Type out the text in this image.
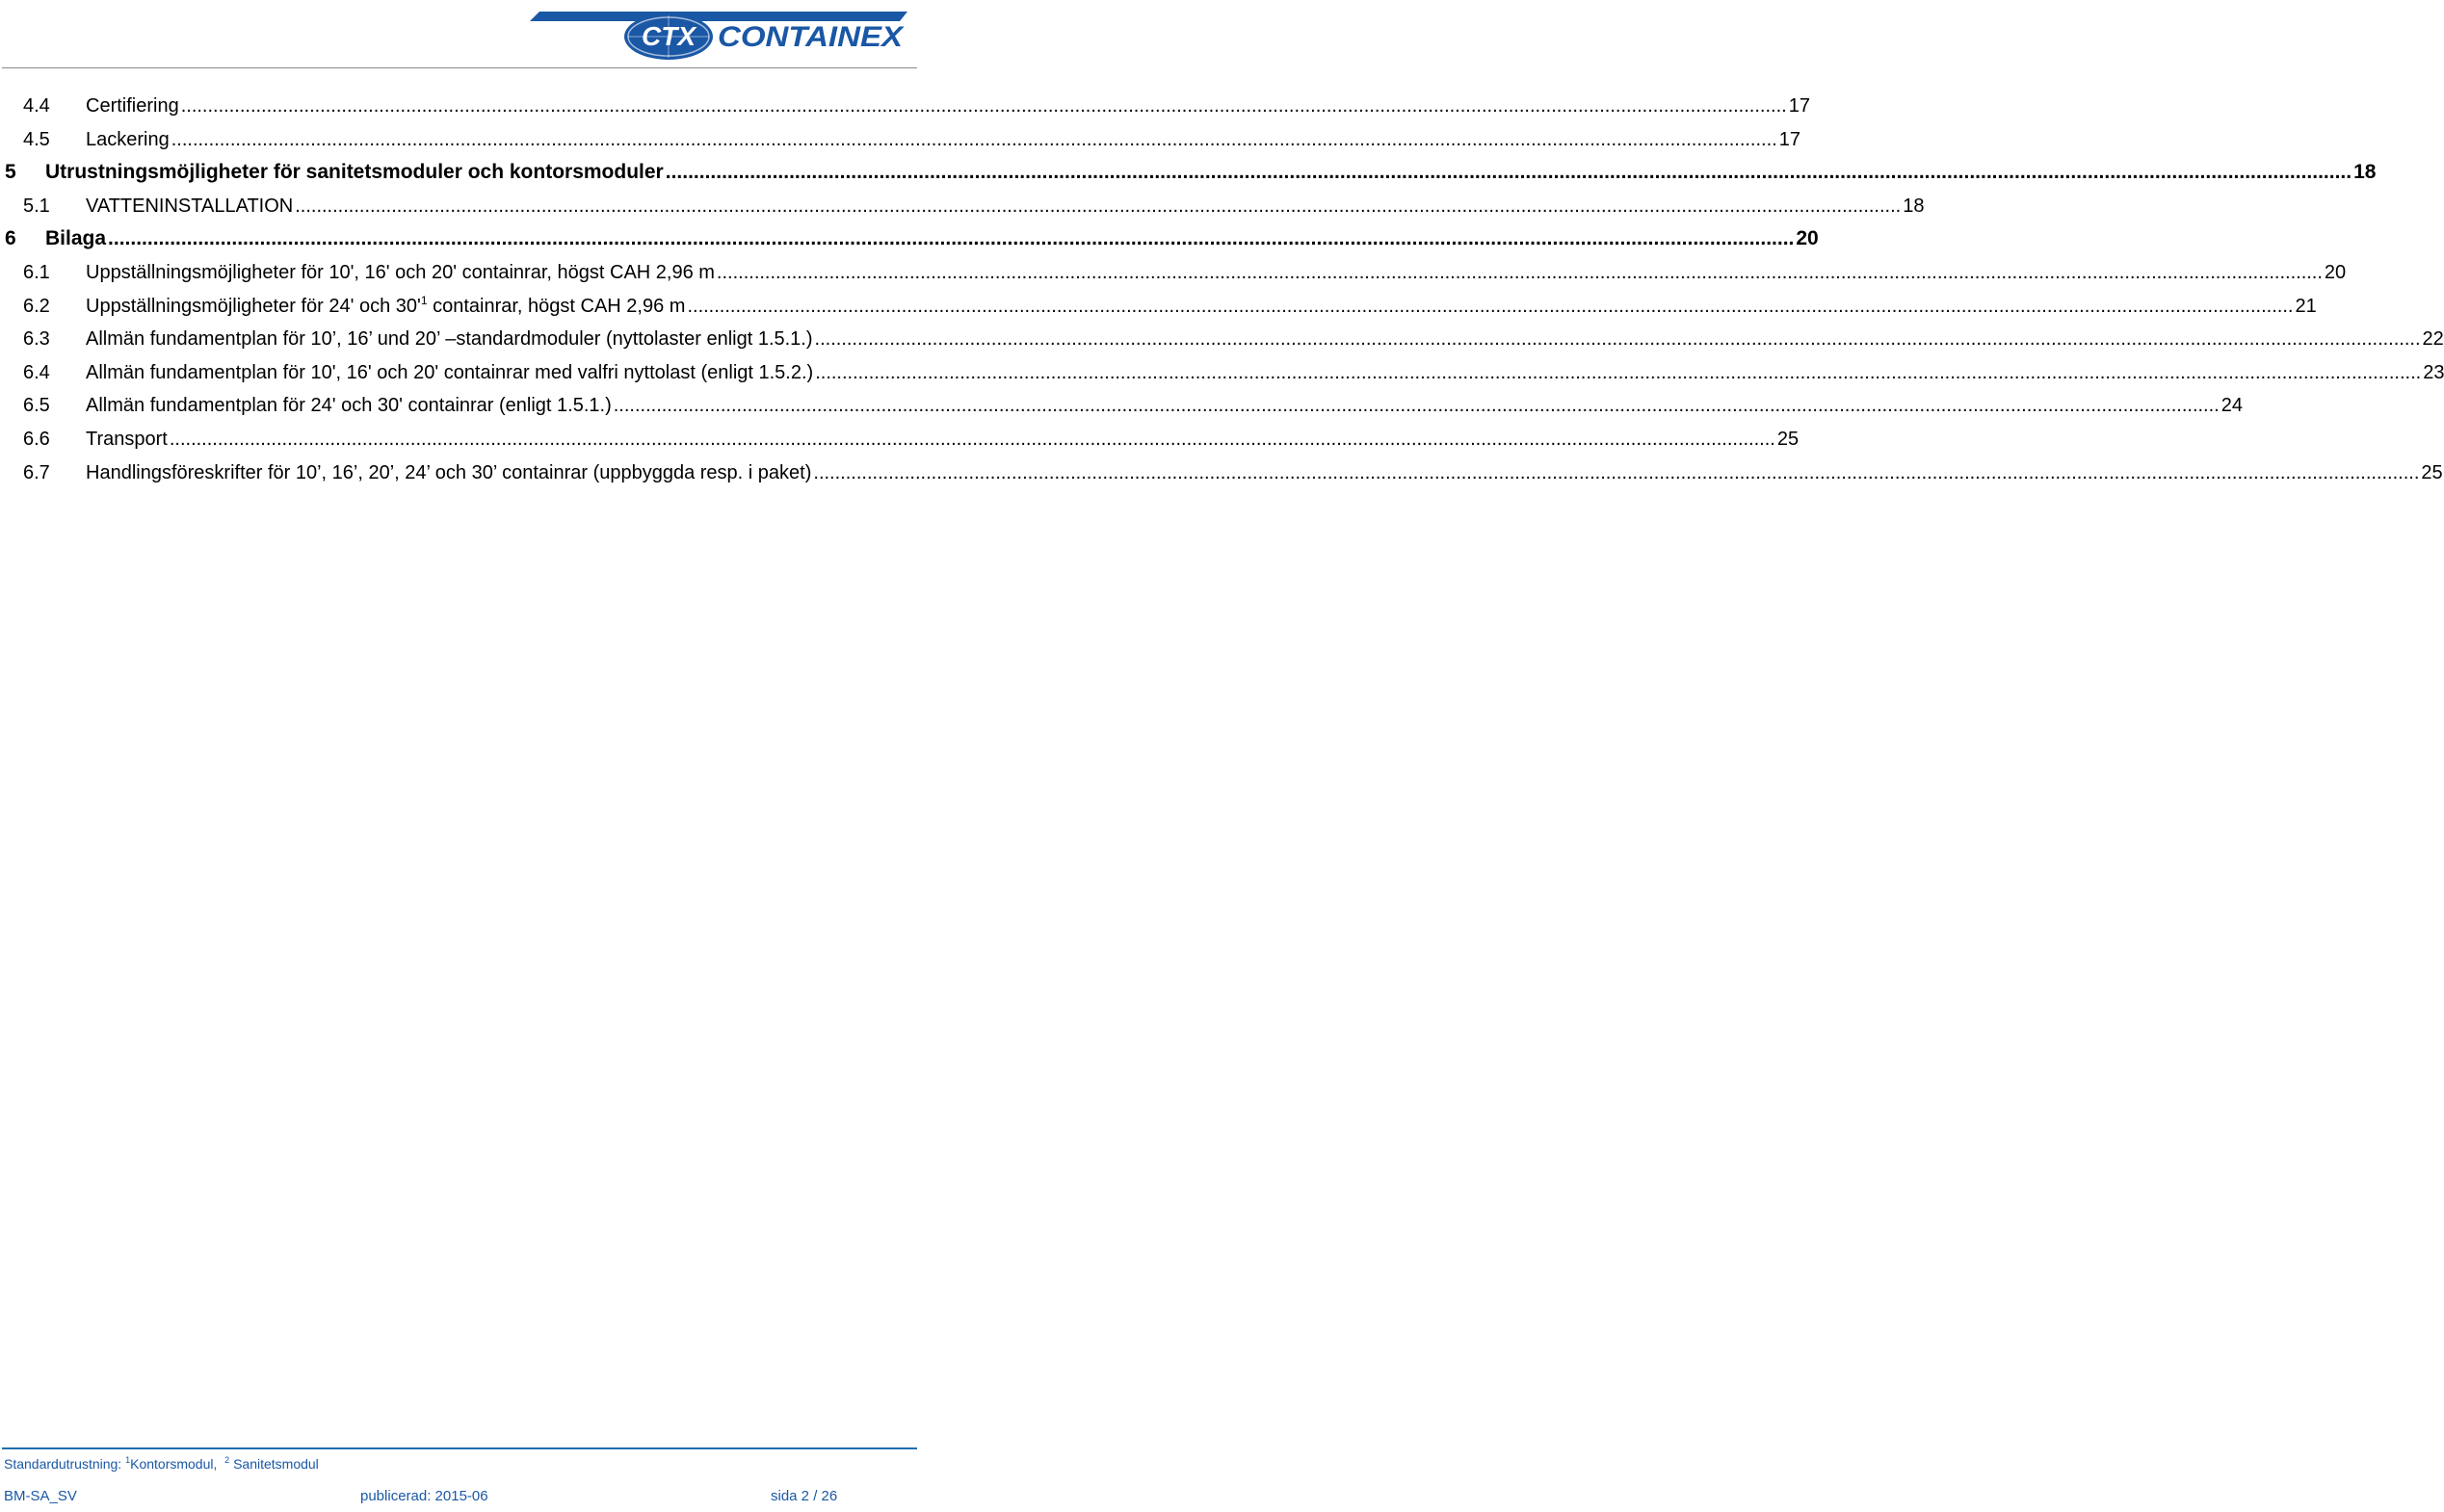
CTX CONTAINEX
4.4 Certifiering ............................................................................................................................................................................................................................................................................................................ 17
4.5 Lackering ............................................................................................................................................................................................................................................................................................................ 17
5 Utrustningsmöjligheter för sanitetsmoduler och kontorsmoduler ............................................................................................................................................................................................................................................................................................................ 18
5.1 VATTENINSTALLATION ............................................................................................................................................................................................................................................................................................................ 18
6 Bilaga ............................................................................................................................................................................................................................................................................................................ 20
6.1 Uppställningsmöjligheter för 10', 16' och 20' containrar, högst CAH 2,96 m ............................................................................................................................................................................................................................................................................................................ 20
6.2 Uppställningsmöjligheter för 24' och $30'^1$ containrar, högst CAH 2,96 m ............................................................................................................................................................................................................................................................................................................ 21
6.3 Allmän fundamentplan för 10’, 16’ und 20’ –standardmoduler (nyttolaster enligt 1.5.1.) ............................................................................................................................................................................................................................................................................................................ 22
6.4 Allmän fundamentplan för 10', 16' och 20' containrar med valfri nyttolast (enligt 1.5.2.) ............................................................................................................................................................................................................................................................................................................ 23
6.5 Allmän fundamentplan för 24' och 30' containrar (enligt 1.5.1.) ............................................................................................................................................................................................................................................................................................................ 24
6.6 Transport ............................................................................................................................................................................................................................................................................................................ 25
6.7 Handlingsföreskrifter för 10’, 16’, 20’, 24’ och 30’ containrar (uppbyggda resp. i paket) ............................................................................................................................................................................................................................................................................................................ 25
Standardutrustning: $^1$Kontorsmodul, $^2$ Sanitetsmodul
BM-SA_SV	publicerad: 2015-06	sida 2 / 26
